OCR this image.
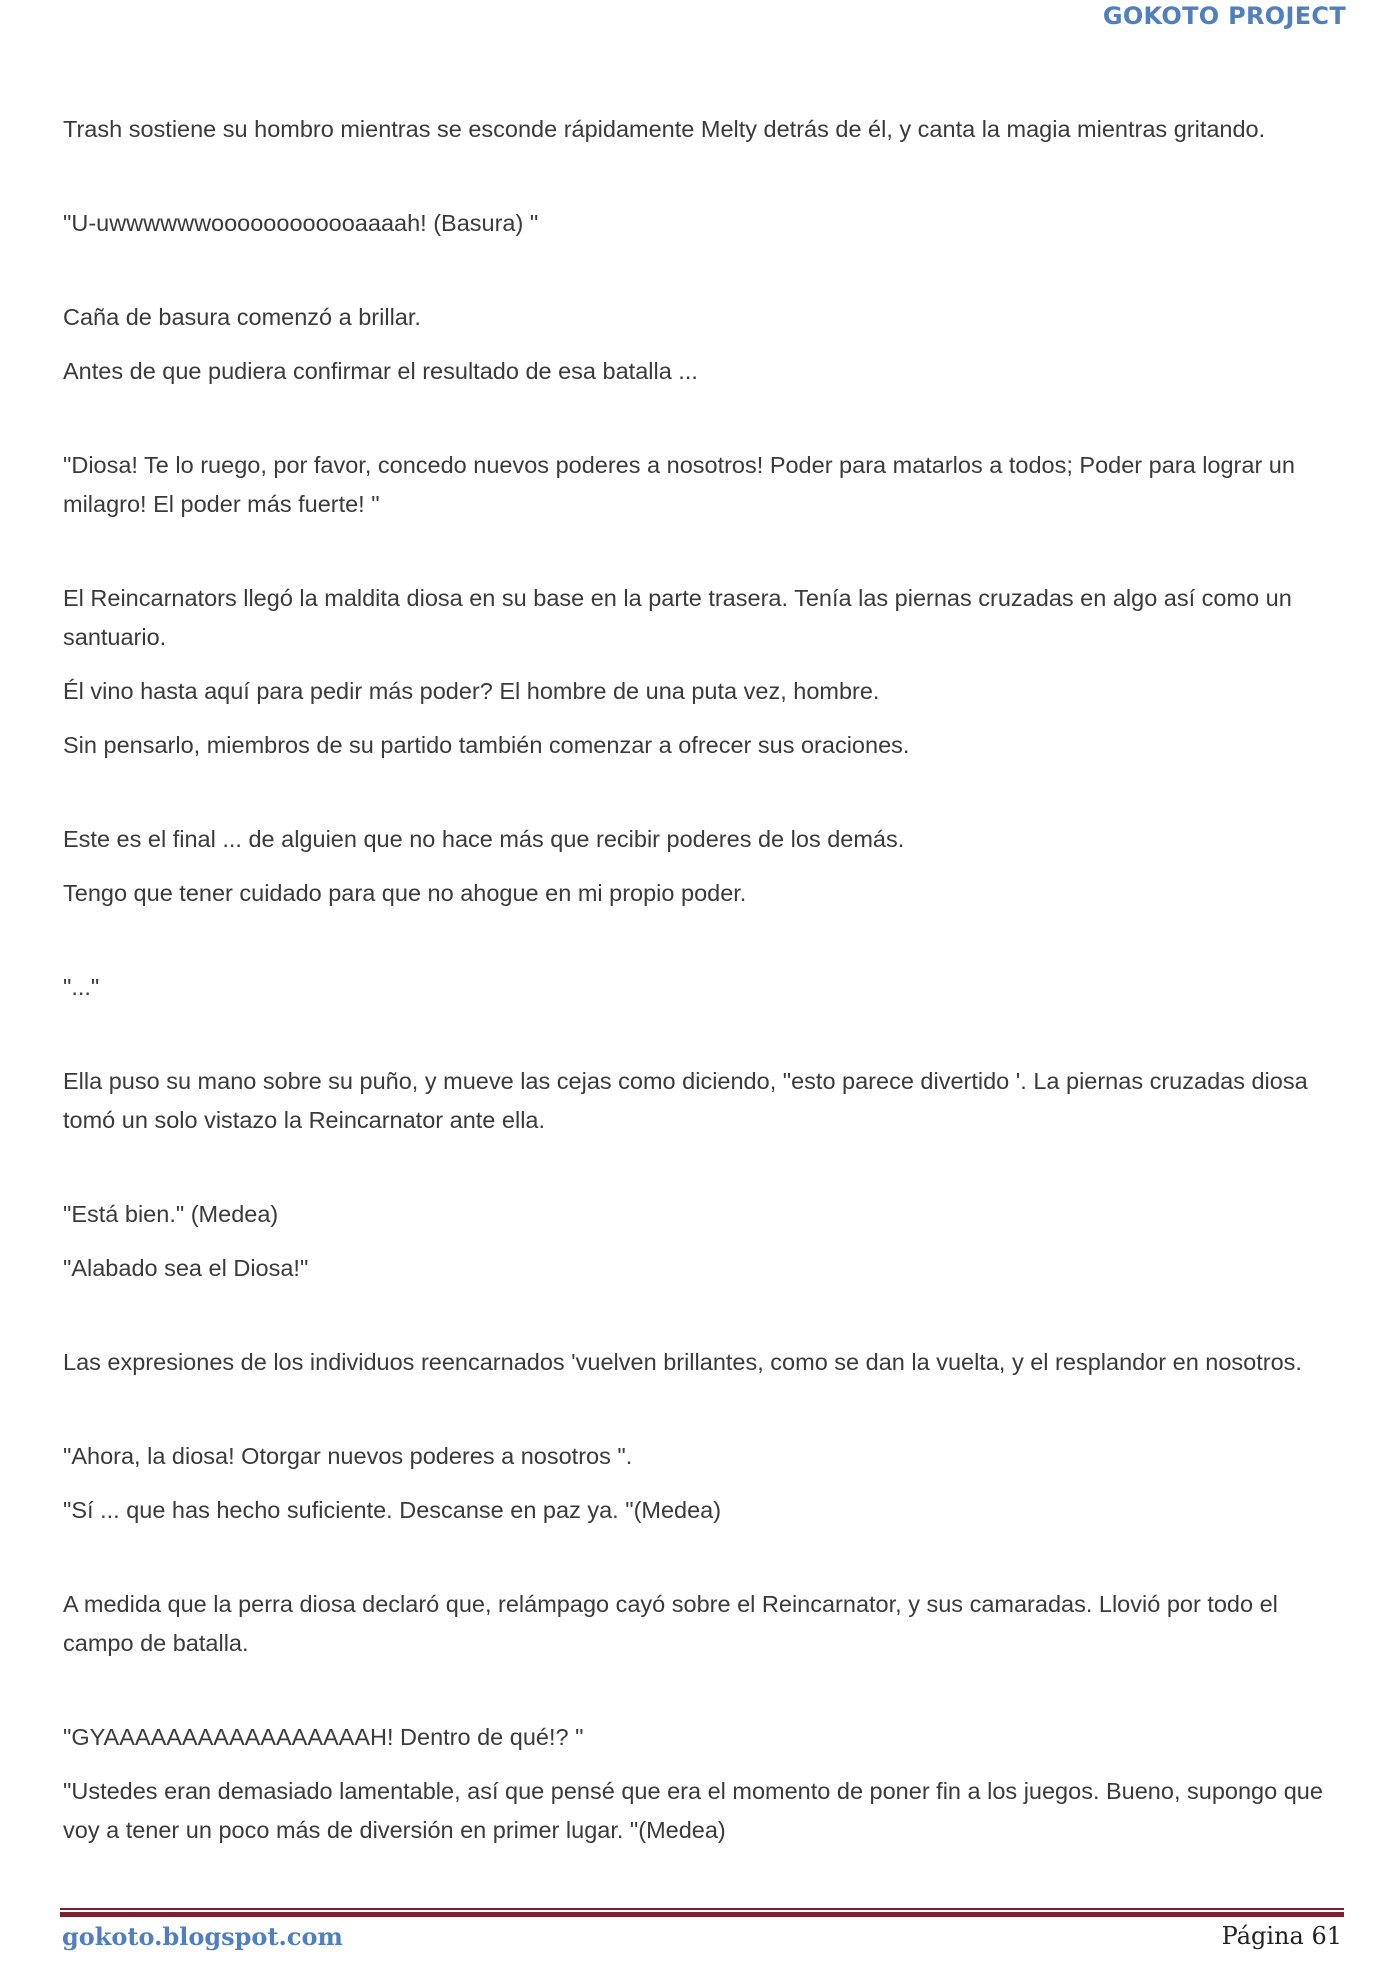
GOKOTO PROJECT

Trash sostiene su hombro mientras se esconde rápidamente Melty detrás de él, y canta la magia mientras gritando.

"U-uwwwwwwoooooooooooaaaah! (Basura) "

Caña de basura comenzó a brillar.

Antes de que pudiera confirmar el resultado de esa batalla ...

"Diosa! Te lo ruego, por favor, concedo nuevos poderes a nosotros! Poder para matarlos a todos; Poder para lograr un milagro! El poder más fuerte! "

El Reincarnators llegó la maldita diosa en su base en la parte trasera. Tenía las piernas cruzadas en algo así como un santuario.

Él vino hasta aquí para pedir más poder? El hombre de una puta vez, hombre.

Sin pensarlo, miembros de su partido también comenzar a ofrecer sus oraciones.

Este es el final ... de alguien que no hace más que recibir poderes de los demás.

Tengo que tener cuidado para que no ahogue en mi propio poder.

"..."

Ella puso su mano sobre su puño, y mueve las cejas como diciendo, "esto parece divertido '. La piernas cruzadas diosa tomó un solo vistazo la Reincarnator ante ella.

"Está bien." (Medea)

"Alabado sea el Diosa!"

Las expresiones de los individuos reencarnados 'vuelven brillantes, como se dan la vuelta, y el resplandor en nosotros.

"Ahora, la diosa! Otorgar nuevos poderes a nosotros ".

"Sí ... que has hecho suficiente. Descanse en paz ya. "(Medea)

A medida que la perra diosa declaró que, relámpago cayó sobre el Reincarnator, y sus camaradas. Llovió por todo el campo de batalla.

"GYAAAAAAAAAAAAAAAAAH! Dentro de qué!? "

"Ustedes eran demasiado lamentable, así que pensé que era el momento de poner fin a los juegos. Bueno, supongo que voy a tener un poco más de diversión en primer lugar. "(Medea)

gokoto.blogspot.com	Página 61
